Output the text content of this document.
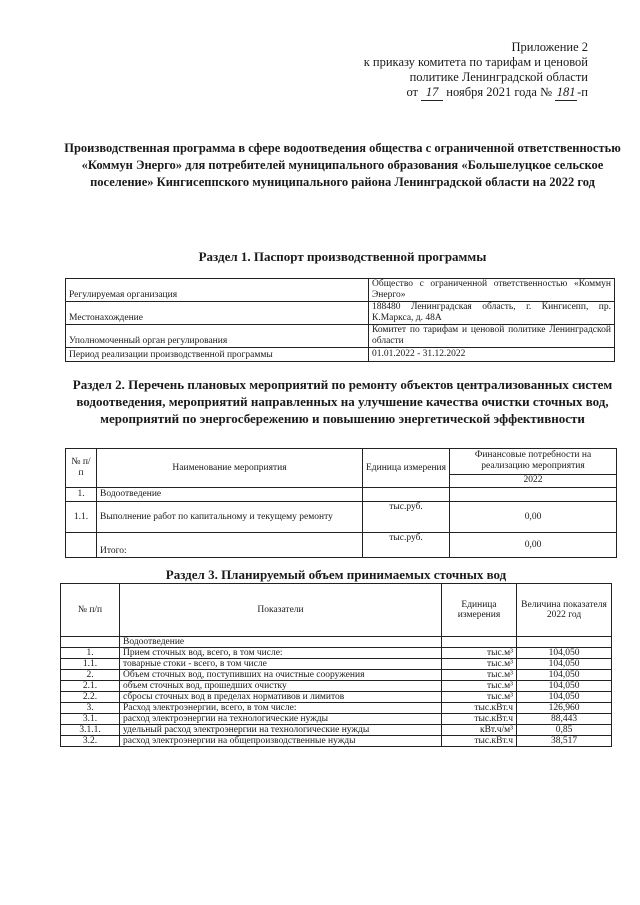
Приложение 2
к приказу комитета по тарифам и ценовой
политике Ленинградской области
от 17 ноября 2021 года № 181 -п
Производственная программа в сфере водоотведения общества с ограниченной ответственностью «Коммун Энерго» для потребителей муниципального образования «Большелуцкое сельское поселение» Кингисеппского муниципального района Ленинградской области на 2022 год
Раздел 1. Паспорт производственной программы
Регулируемая организация	Общество с ограниченной ответственностью «Коммун Энерго»
Местонахождение	188480 Ленинградская область, г. Кингисепп, пр. К.Маркса, д. 48А
Уполномоченный орган регулирования	Комитет по тарифам и ценовой политике Ленинградской области
Период реализации производственной программы	01.01.2022 - 31.12.2022
Раздел 2. Перечень плановых мероприятий по ремонту объектов централизованных систем водоотведения, мероприятий направленных на улучшение качества очистки сточных вод, мероприятий по энергосбережению и повышению энергетической эффективности
№ п/п	Наименование мероприятия	Единица измерения	Финансовые потребности на реализацию мероприятия
			2022
1.	Водоотведение		
1.1.	Выполнение работ по капитальному и текущему ремонту	тыс.руб.	0,00
	Итого:	тыс.руб.	0,00
Раздел 3. Планируемый объем принимаемых сточных вод
№ п/п	Показатели	Единица измерения	Величина показателя 2022 год
	Водоотведение		
1.	Прием сточных вод, всего, в том числе:	тыс.м³	104,050
1.1.	товарные стоки - всего, в том числе	тыс.м³	104,050
2.	Объем сточных вод, поступивших на очистные сооружения	тыс.м³	104,050
2.1.	объем сточных вод, прошедших очистку	тыс.м³	104,050
2.2.	сбросы сточных вод в пределах нормативов и лимитов	тыс.м³	104,050
3.	Расход электроэнергии, всего, в том числе:	тыс.кВт.ч	126,960
3.1.	расход электроэнергии на технологические нужды	тыс.кВт.ч	88,443
3.1.1.	удельный расход электроэнергии на технологические нужды	кВт.ч/м³	0,85
3.2.	расход электроэнергии на общепроизводственные нужды	тыс.кВт.ч	38,517
